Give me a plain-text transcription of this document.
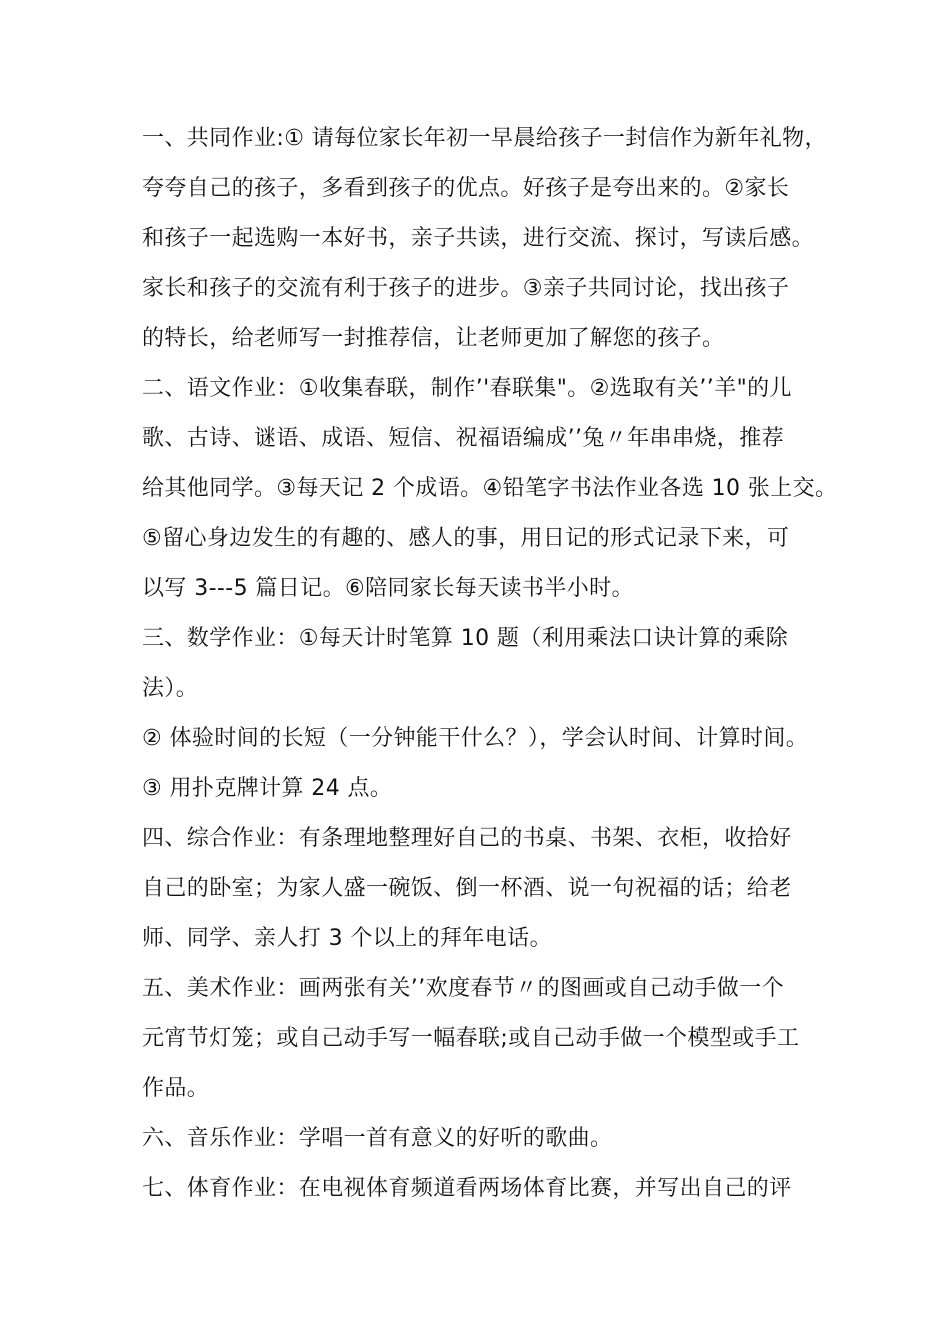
一、共同作业:① 请每位家长年初一早晨给孩子一封信作为新年礼物，
夸夸自己的孩子，多看到孩子的优点。好孩子是夸出来的。②家长
和孩子一起选购一本好书，亲子共读，进行交流、探讨，写读后感。
家长和孩子的交流有利于孩子的进步。③亲子共同讨论，找出孩子
的特长，给老师写一封推荐信，让老师更加了解您的孩子。
二、语文作业：①收集春联，制作’'春联集"。②选取有关’’羊"的儿
歌、古诗、谜语、成语、短信、祝福语编成’’兔〃年串串烧，推荐
给其他同学。③每天记 2 个成语。④铅笔字书法作业各选 10 张上交。
⑤留心身边发生的有趣的、感人的事，用日记的形式记录下来，可
以写 3---5 篇日记。⑥陪同家长每天读书半小时。
三、数学作业：①每天计时笔算 10 题（利用乘法口诀计算的乘除
法）。
② 体验时间的长短（一分钟能干什么？），学会认时间、计算时间。
③ 用扑克牌计算 24 点。
四、综合作业：有条理地整理好自己的书桌、书架、衣柜，收拾好
自己的卧室；为家人盛一碗饭、倒一杯酒、说一句祝福的话；给老
师、同学、亲人打 3 个以上的拜年电话。
五、美术作业：画两张有关’’欢度春节〃的图画或自己动手做一个
元宵节灯笼；或自己动手写一幅春联;或自己动手做一个模型或手工
作品。
六、音乐作业：学唱一首有意义的好听的歌曲。
七、体育作业：在电视体育频道看两场体育比赛，并写出自己的评
